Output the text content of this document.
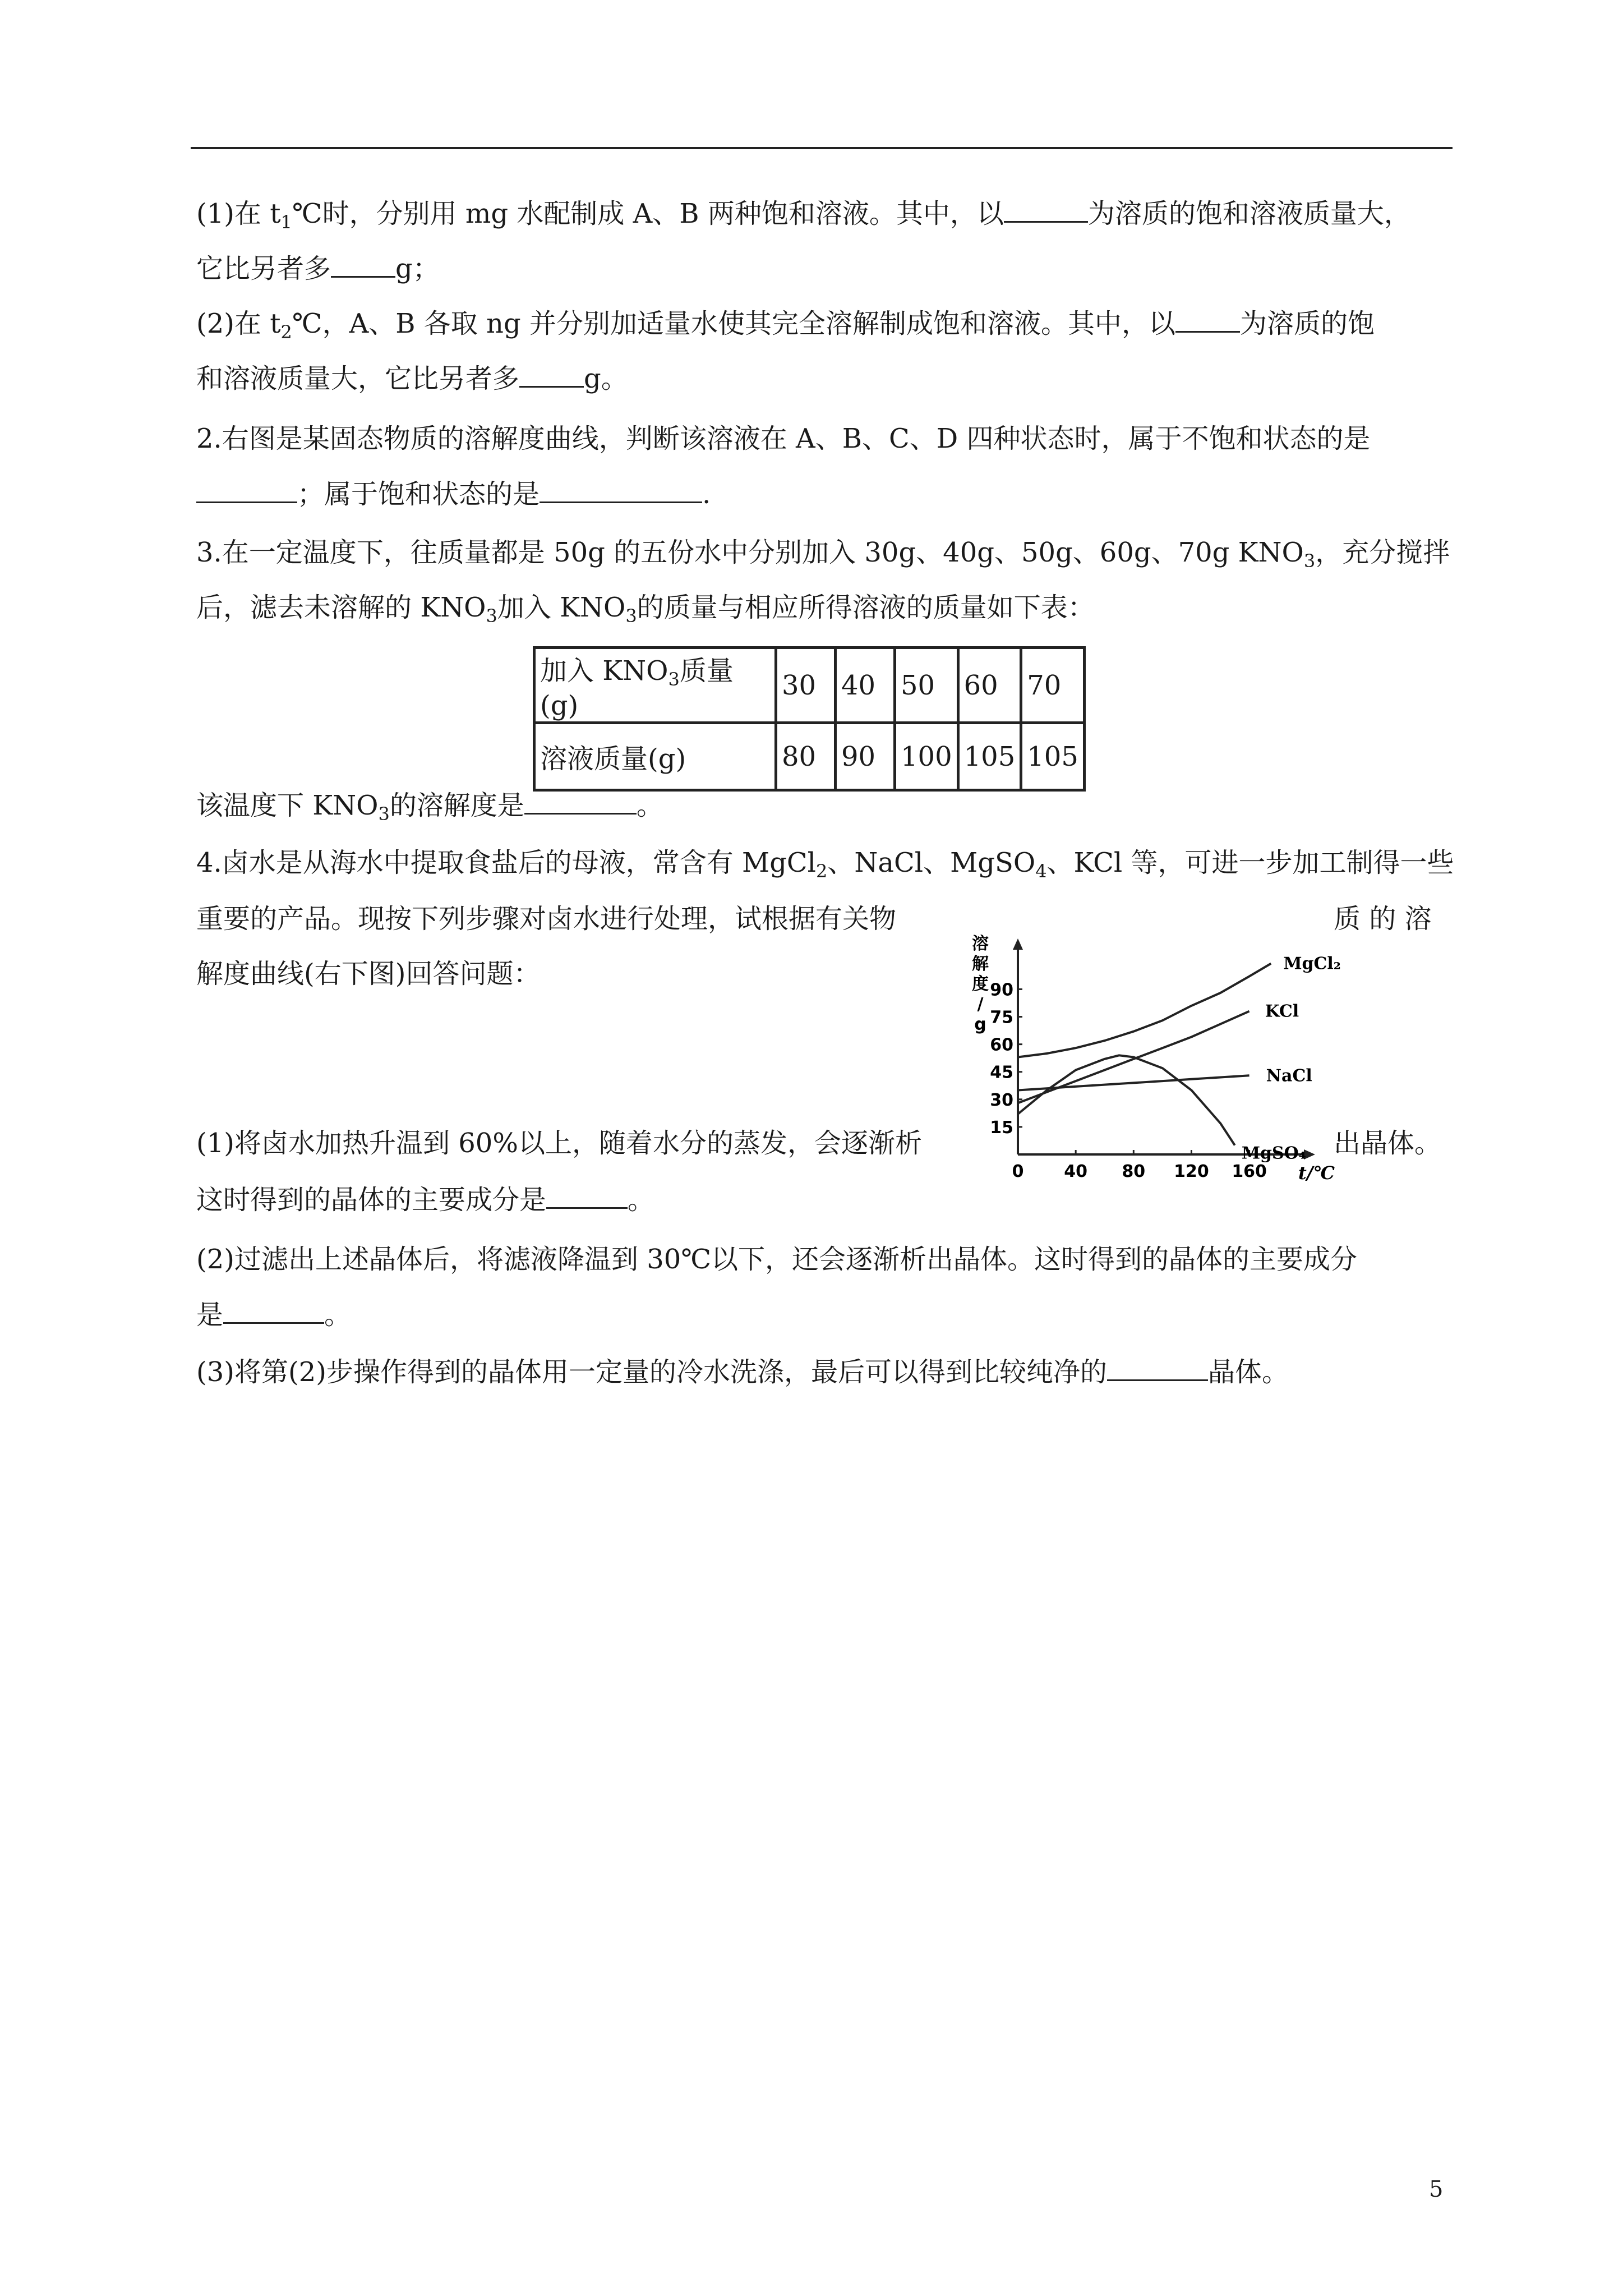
(1)在 $t_1℃$时，分别用 mg 水配制成 A、B 两种饱和溶液。其中，以	为溶质的饱和溶液质量大，
它比另者多 g；
(2)在 $t_2℃$，A、B 各取 ng 并分别加适量水使其完全溶解制成饱和溶液。其中，以 为溶质的饱
和溶液质量大，它比另者多 g。
2.右图是某固态物质的溶解度曲线，判断该溶液在 A、B、C、D 四种状态时，属于不饱和状态的是
；属于饱和状态的是	.
3.在一定温度下，往质量都是 50g 的五份水中分别加入 30g、40g、50g、60g、70g $KNO_3$，充分搅拌
后，滤去未溶解的 $KNO_3$加入 $KNO_3$的质量与相应所得溶液的质量如下表：
加入 $KNO_3$质量(g)	30	40	50	60	70
溶液质量(g)	80	90	100	105	105
该温度下 $KNO_3$的溶解度是	。
4.卤水是从海水中提取食盐后的母液，常含有 MgCl$_2$、NaCl、MgSO$_4$、KCl 等，可进一步加工制得一些
重要的产品。现按下列步骤对卤水进行处理，试根据有关物	质 的 溶
解度曲线(右下图)回答问题：
(1)将卤水加热升温到 60%以上，随着水分的蒸发，会逐渐析	出晶体。
这时得到的晶体的主要成分是	。
(2)过滤出上述晶体后，将滤液降温到 30℃以下，还会逐渐析出晶体。这时得到的晶体的主要成分
是	。
(3)将第(2)步操作得到的晶体用一定量的冷水洗涤，最后可以得到比较纯净的	晶体。
15
30
45
60
75
90
0 40 80 120 160
溶
解
度
/
g
t/℃
MgCl₂
KCl
NaCl
MgSO₄
5
